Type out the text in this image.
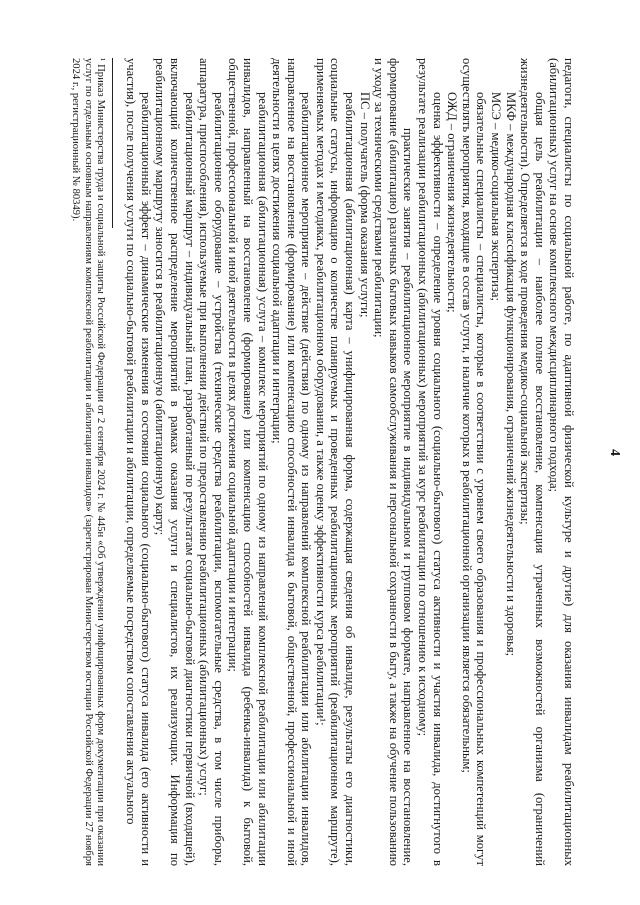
4

педагоги, специалисты по социальной работе, по адаптивной физической культуре и другие) для оказания инвалидам реабилитационных (абилитационных) услуг на основе комплексного междисциплинарного подхода;

общая цель реабилитации – наиболее полное восстановление, компенсация утраченных возможностей организма (ограничений жизнедеятельности). Определяется в ходе проведения медико-социальной экспертизы;

МКФ – международная классификация функционирования, ограничений жизнедеятельности и здоровья;

МСЭ – медико-социальная экспертиза;

обязательные специалисты – специалисты, которые в соответствии с уровнем своего образования и профессиональных компетенций могут осуществлять мероприятия, входящие в состав услуги, и наличие которых в реабилитационной организации является обязательным;

ОЖД – ограничения жизнедеятельности;

оценка эффективности – определение уровня социального (социально-бытового) статуса активности и участия инвалида, достигнутого в результате реализации реабилитационных (абилитационных) мероприятий за курс реабилитации по отношению к исходному;

практические занятия – реабилитационное мероприятие в индивидуальном и групповом формате, направленное на восстановление, формирование (абилитацию) различных бытовых навыков самообслуживания и персональной сохранности в быту, а также на обучение пользованию и уходу за техническими средствами реабилитации;

ПС – получатель (форма оказания услуги;

реабилитационная (абилитационная) карта – унифицированная форма, содержащая сведения об инвалиде, результаты его диагностики, социальные статусы, информацию о количестве планируемых и проведенных реабилитационных мероприятий (реабилитационном маршруте), применяемых методах и методиках, реабилитационном оборудовании, а также оценку эффективности курса реабилитации¹;

реабилитационное мероприятие – действие (действия) по одному из направлений комплексной реабилитации или абилитации инвалидов, направленное на восстановление (формирование) или компенсацию способностей инвалида к бытовой, общественной, профессиональной и иной деятельности в целях достижения социальной адаптации и интеграции;

реабилитационная (абилитационная) услуга – комплекс мероприятий по одному из направлений комплексной реабилитации или абилитации инвалидов, направленный на восстановление (формирование) или компенсацию способностей инвалида (ребенка-инвалида) к бытовой, общественной, профессиональной и иной деятельности в целях достижения социальной адаптации и интеграции;

реабилитационное оборудование – устройства (технические средства реабилитации, вспомогательные средства, в том числе приборы, аппаратура, приспособления), используемые при выполнении действий по предоставлению реабилитационных (абилитационных) услуг;

реабилитационный маршрут – индивидуальный план, разработанный по результатам социально-бытовой диагностики первичной (входящей), включающий количественное распределение мероприятий в рамках оказания услуги и специалистов, их реализующих. Информация по реабилитационному маршруту заносится в реабилитационную (абилитационную) карту;

реабилитационный эффект – динамические изменения в состоянии социального (социально-бытового) статуса инвалида (его активности и участия), после получения услуги по социально-бытовой реабилитации и абилитации, определяемые посредством сопоставления актуального

¹ Приказ Министерства труда и социальной защиты Российской Федерации от 2 сентября 2024 г. № 445н «Об утверждении унифицированных форм документации при оказании услуг по отдельным основным направлениям комплексной реабилитации и абилитации инвалидов» (зарегистрирован Министерством юстиции Российской Федерации 27 ноября 2024 г., регистрационный № 80349).
